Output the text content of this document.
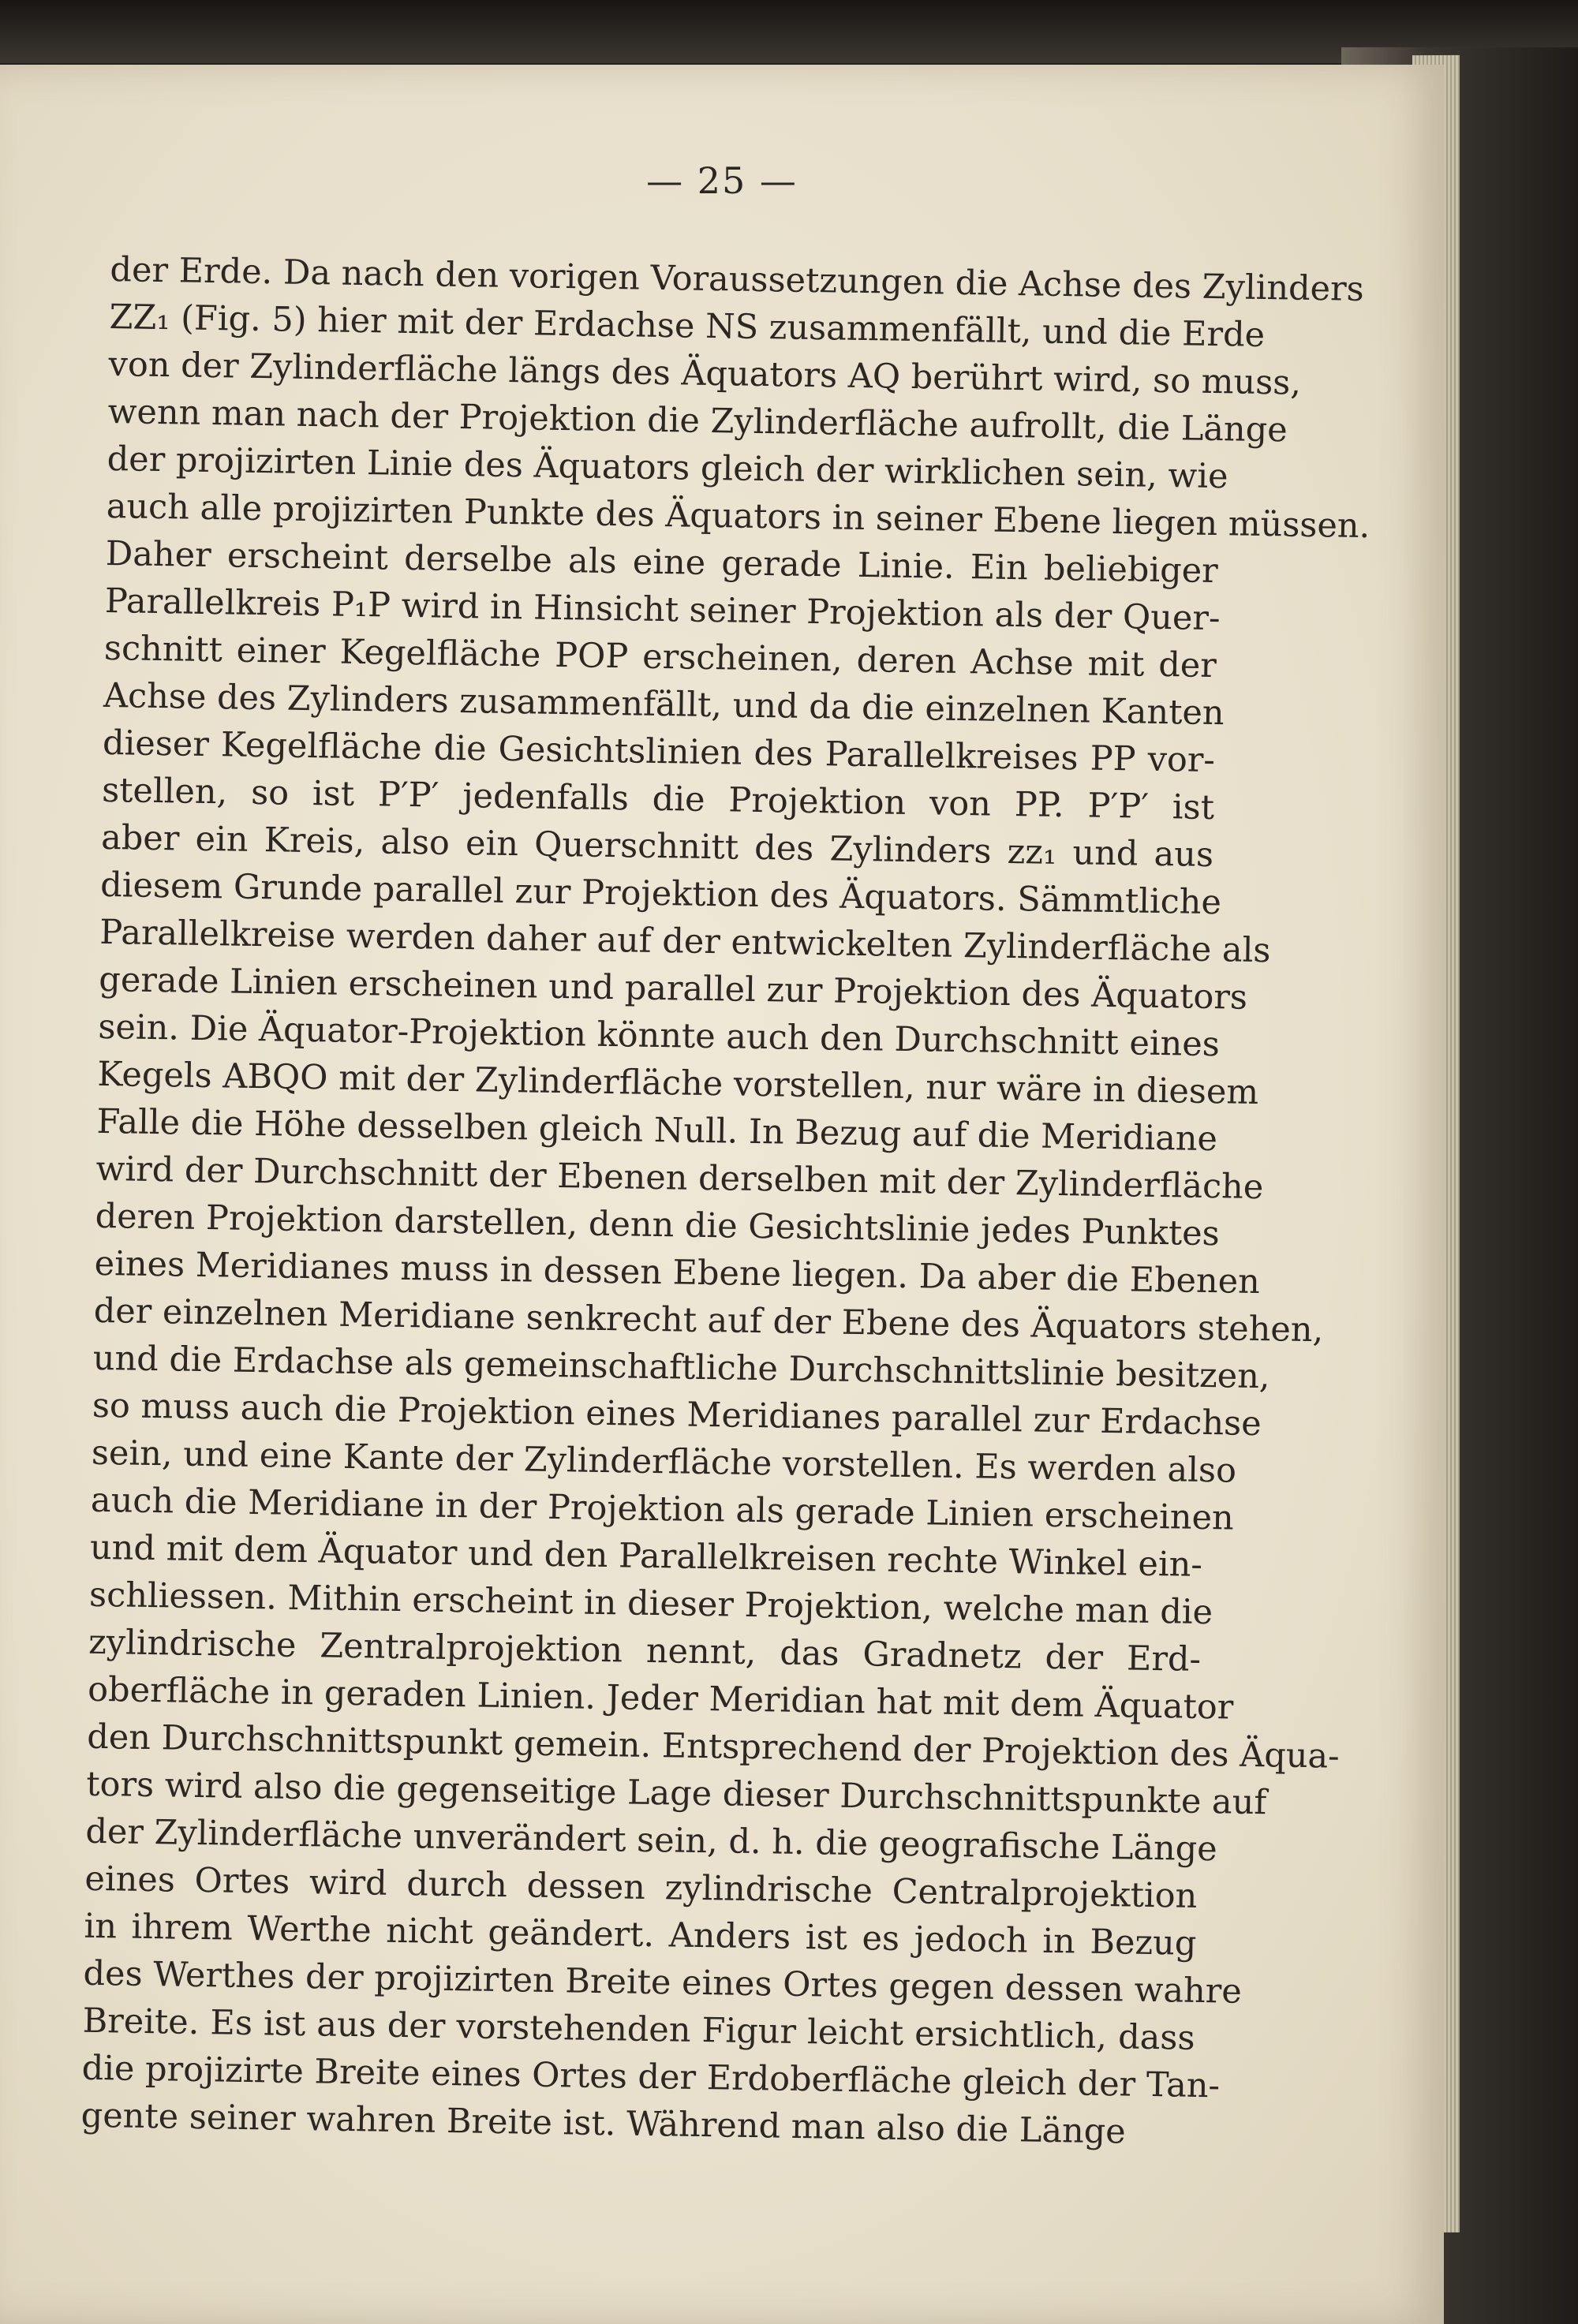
— 25 —
der Erde. Da nach den vorigen Voraussetzungen die Achse des Zylinders
ZZ₁ (Fig. 5) hier mit der Erdachse NS zusammenfällt, und die Erde
von der Zylinderfläche längs des Äquators AQ berührt wird, so muss,
wenn man nach der Projektion die Zylinderfläche aufrollt, die Länge
der projizirten Linie des Äquators gleich der wirklichen sein, wie
auch alle projizirten Punkte des Äquators in seiner Ebene liegen müssen.
Daher erscheint derselbe als eine gerade Linie. Ein beliebiger
Parallelkreis P₁P wird in Hinsicht seiner Projektion als der Quer-
schnitt einer Kegelfläche POP erscheinen, deren Achse mit der
Achse des Zylinders zusammenfällt, und da die einzelnen Kanten
dieser Kegelfläche die Gesichtslinien des Parallelkreises PP vor-
stellen, so ist P′P′ jedenfalls die Projektion von PP. P′P′ ist
aber ein Kreis, also ein Querschnitt des Zylinders zz₁ und aus
diesem Grunde parallel zur Projektion des Äquators. Sämmtliche
Parallelkreise werden daher auf der entwickelten Zylinderfläche als
gerade Linien erscheinen und parallel zur Projektion des Äquators
sein. Die Äquator-Projektion könnte auch den Durchschnitt eines
Kegels ABQO mit der Zylinderfläche vorstellen, nur wäre in diesem
Falle die Höhe desselben gleich Null. In Bezug auf die Meridiane
wird der Durchschnitt der Ebenen derselben mit der Zylinderfläche
deren Projektion darstellen, denn die Gesichtslinie jedes Punktes
eines Meridianes muss in dessen Ebene liegen. Da aber die Ebenen
der einzelnen Meridiane senkrecht auf der Ebene des Äquators stehen,
und die Erdachse als gemeinschaftliche Durchschnittslinie besitzen,
so muss auch die Projektion eines Meridianes parallel zur Erdachse
sein, und eine Kante der Zylinderfläche vorstellen. Es werden also
auch die Meridiane in der Projektion als gerade Linien erscheinen
und mit dem Äquator und den Parallelkreisen rechte Winkel ein-
schliessen. Mithin erscheint in dieser Projektion, welche man die
zylindrische Zentralprojektion nennt, das Gradnetz der Erd-
oberfläche in geraden Linien. Jeder Meridian hat mit dem Äquator
den Durchschnittspunkt gemein. Entsprechend der Projektion des Äqua-
tors wird also die gegenseitige Lage dieser Durchschnittspunkte auf
der Zylinderfläche unverändert sein, d. h. die geografische Länge
eines Ortes wird durch dessen zylindrische Centralprojektion
in ihrem Werthe nicht geändert. Anders ist es jedoch in Bezug
des Werthes der projizirten Breite eines Ortes gegen dessen wahre
Breite. Es ist aus der vorstehenden Figur leicht ersichtlich, dass
die projizirte Breite eines Ortes der Erdoberfläche gleich der Tan-
gente seiner wahren Breite ist. Während man also die Länge
